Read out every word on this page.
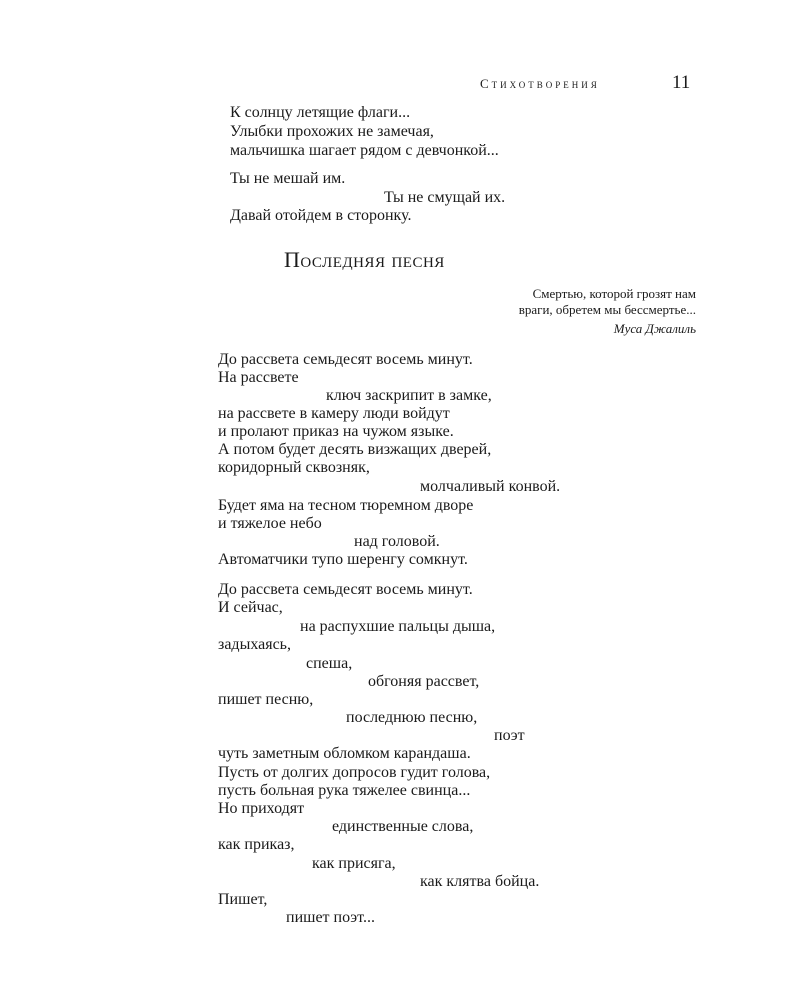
Стихотворения	11
К солнцу летящие флаги...
Улыбки прохожих не замечая,
мальчишка шагает рядом с девчонкой...
Ты не мешай им.
Ты не смущай их.
Давай отойдем в сторонку.
Последняя песня
Смертью, которой грозят нам
враги, обретем мы бессмертье...
Муса Джалиль
До рассвета семьдесят восемь минут.
На рассвете
ключ заскрипит в замке,
на рассвете в камеру люди войдут
и пролают приказ на чужом языке.
А потом будет десять визжащих дверей,
коридорный сквозняк,
молчаливый конвой.
Будет яма на тесном тюремном дворе
и тяжелое небо
над головой.
Автоматчики тупо шеренгу сомкнут.
До рассвета семьдесят восемь минут.
И сейчас,
на распухшие пальцы дыша,
задыхаясь,
спеша,
обгоняя рассвет,
пишет песню,
последнюю песню,
поэт
чуть заметным обломком карандаша.
Пусть от долгих допросов гудит голова,
пусть больная рука тяжелее свинца...
Но приходят
единственные слова,
как приказ,
как присяга,
как клятва бойца.
Пишет,
пишет поэт...
